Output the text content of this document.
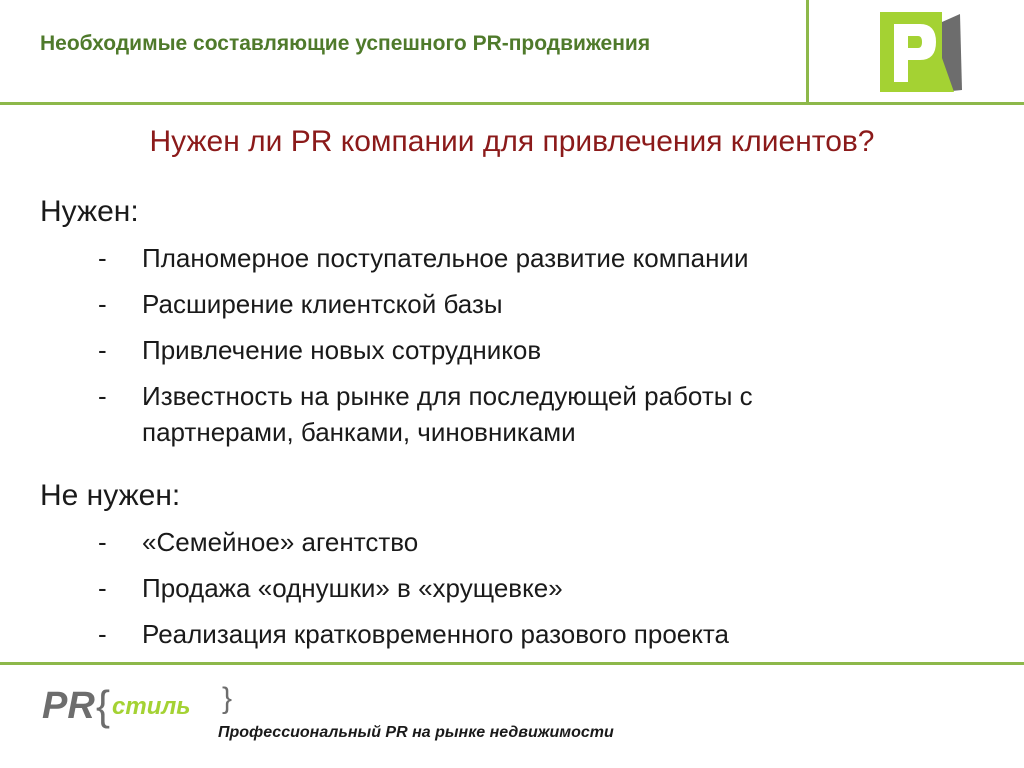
Необходимые составляющие успешного PR-продвижения
Нужен ли PR компании для привлечения клиентов?
Нужен:
- Планомерное поступательное развитие компании
- Расширение клиентской базы
- Привлечение новых сотрудников
- Известность на рынке для последующей работы с партнерами, банками, чиновниками
Не нужен:
- «Семейное» агентство
- Продажа «однушки» в «хрущевке»
- Реализация кратковременного разового проекта
PR { стиль }
Профессиональный PR на рынке недвижимости
